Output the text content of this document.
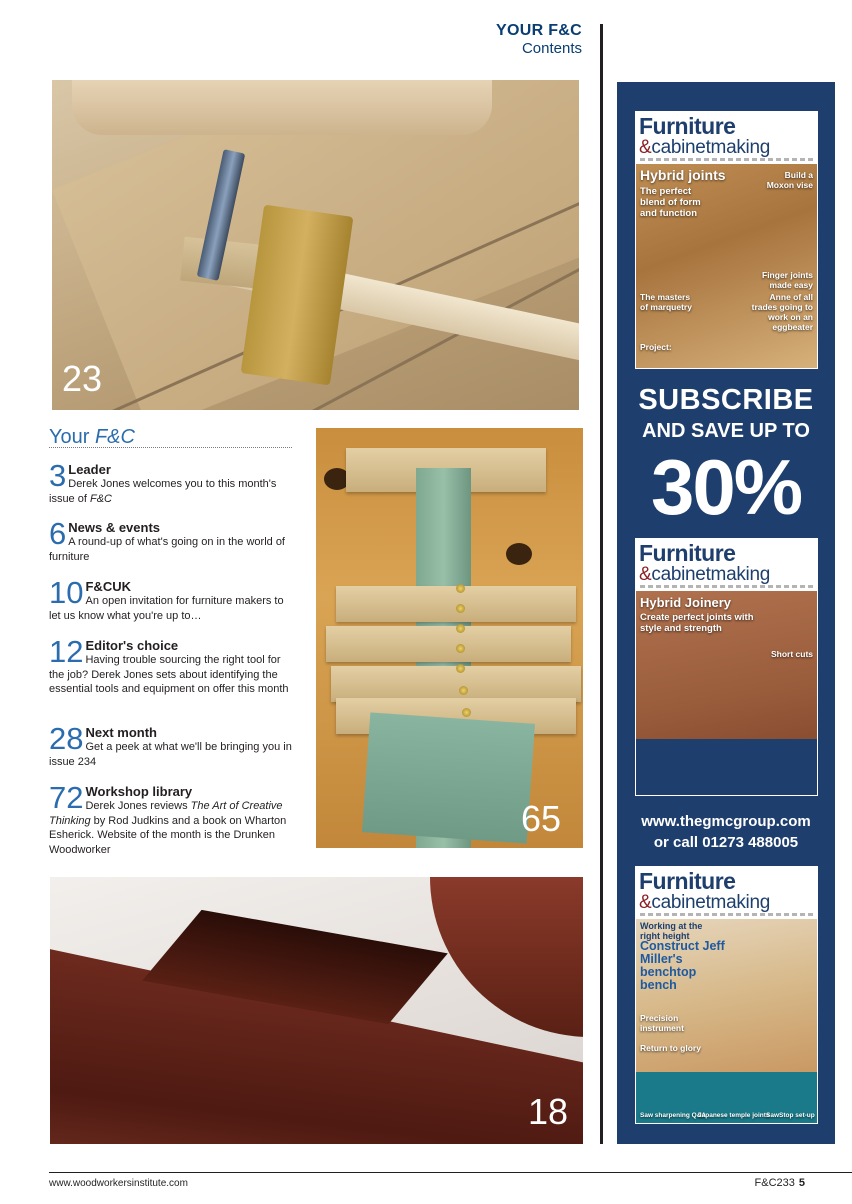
YOUR F&C
Contents
23
65
18
Your F&C
3 Leader
Derek Jones welcomes you to this month's issue of F&C
6 News & events
A round-up of what's going on in the world of furniture
10 F&CUK
An open invitation for furniture makers to let us know what you're up to…
12 Editor's choice
Having trouble sourcing the right tool for the job? Derek Jones sets about identifying the essential tools and equipment on offer this month
28 Next month
Get a peek at what we'll be bringing you in issue 234
72 Workshop library
Derek Jones reviews The Art of Creative Thinking by Rod Judkins and a book on Wharton Esherick. Website of the month is the Drunken Woodworker
Furniture
&cabinetmaking
Hybrid joints
The perfect blend of form and function
Build a Moxon vise
Finger joints made easy
Anne of all trades going to work on an eggbeater
The masters of marquetry
Project:
SUBSCRIBE
AND SAVE UP TO
30%
Furniture
&cabinetmaking
Hybrid Joinery
Create perfect joints with style and strength
Short cuts
www.thegmcgroup.com
or call 01273 488005
Furniture
&cabinetmaking
Working at the right height
Construct Jeff Miller's benchtop bench
Precision instrument
Return to glory
Saw sharpening Q&A
Japanese temple joints
SawStop set-up
www.woodworkersinstitute.com	F&C233 5
